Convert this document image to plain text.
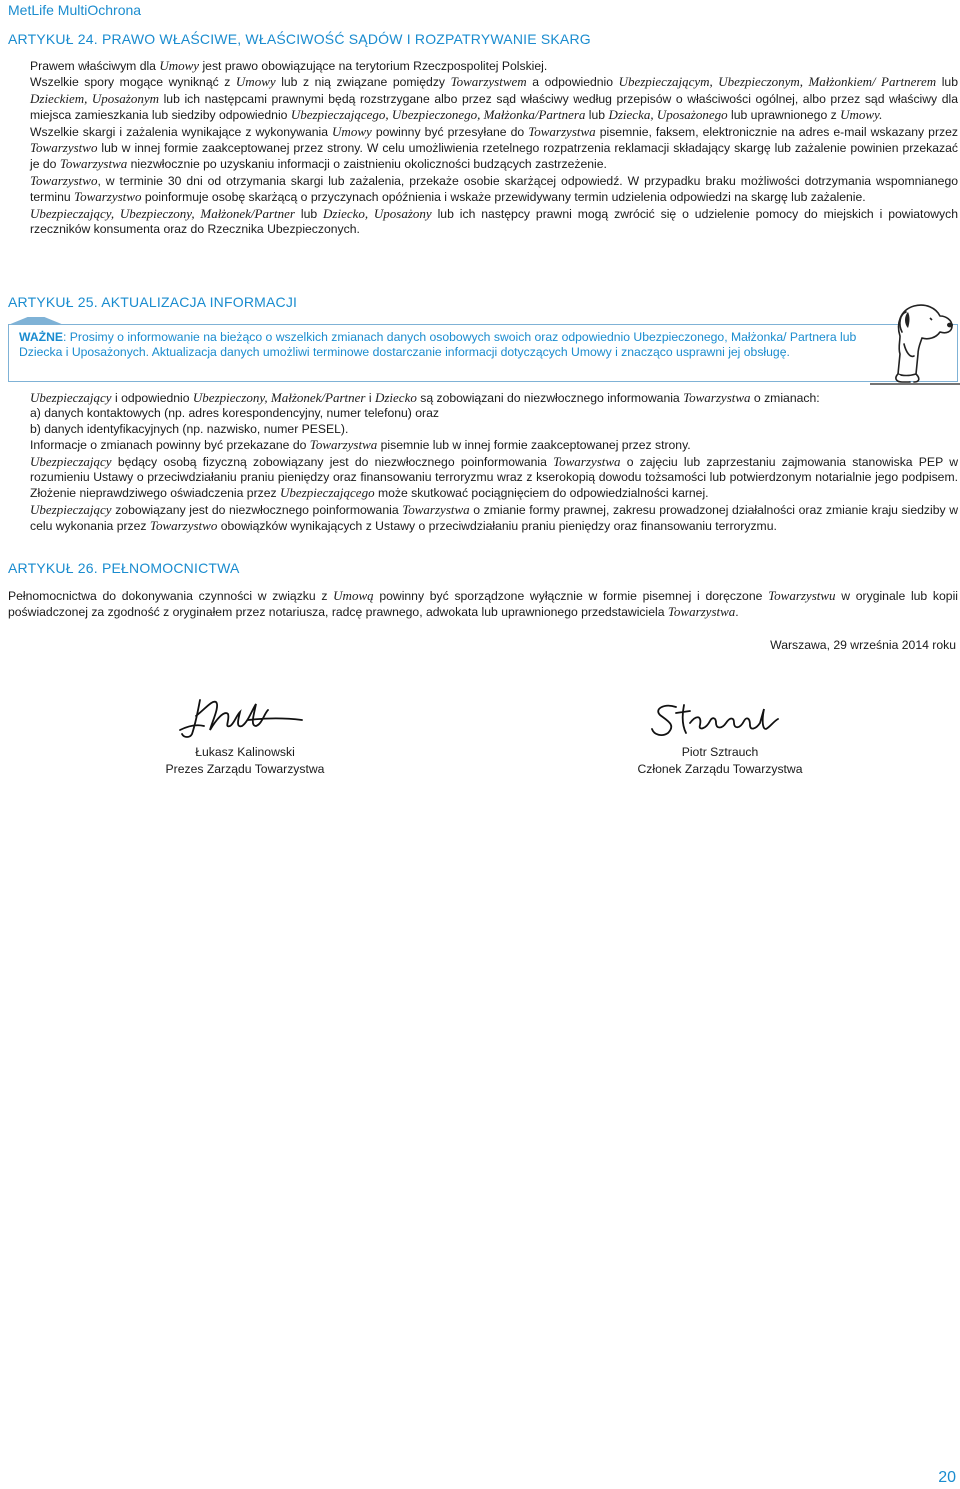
MetLife MultiOchrona
ARTYKUŁ 24. PRAWO WŁAŚCIWE, WŁAŚCIWOŚĆ SĄDÓW I ROZPATRYWANIE SKARG

Prawem właściwym dla Umowy jest prawo obowiązujące na terytorium Rzeczpospolitej Polskiej.

Wszelkie spory mogące wyniknąć z Umowy lub z nią związane pomiędzy Towarzystwem a odpowiednio Ubezpieczającym, Ubezpieczonym, Małżonkiem/ Partnerem lub Dzieckiem, Uposażonym lub ich następcami prawnymi będą rozstrzygane albo przez sąd właściwy według przepisów o właściwości ogólnej, albo przez sąd właściwy dla miejsca zamieszkania lub siedziby odpowiednio Ubezpieczającego, Ubezpieczonego, Małżonka/Partnera lub Dziecka, Uposażonego lub uprawnionego z Umowy.

Wszelkie skargi i zażalenia wynikające z wykonywania Umowy powinny być przesyłane do Towarzystwa pisemnie, faksem, elektronicznie na adres e-mail wskazany przez Towarzystwo lub w innej formie zaakceptowanej przez strony. W celu umożliwienia rzetelnego rozpatrzenia reklamacji składający skargę lub zażalenie powinien przekazać je do Towarzystwa niezwłocznie po uzyskaniu informacji o zaistnieniu okoliczności budzących zastrzeżenie.

Towarzystwo, w terminie 30 dni od otrzymania skargi lub zażalenia, przekaże osobie skarżącej odpowiedź. W przypadku braku możliwości dotrzymania wspomnianego terminu Towarzystwo poinformuje osobę skarżącą o przyczynach opóźnienia i wskaże przewidywany termin udzielenia odpowiedzi na skargę lub zażalenie.

Ubezpieczający, Ubezpieczony, Małżonek/Partner lub Dziecko, Uposażony lub ich następcy prawni mogą zwrócić się o udzielenie pomocy do miejskich i powiatowych rzeczników konsumenta oraz do Rzecznika Ubezpieczonych.

ARTYKUŁ 25. AKTUALIZACJA INFORMACJI
WAŻNE: Prosimy o informowanie na bieżąco o wszelkich zmianach danych osobowych swoich oraz odpowiednio Ubezpieczonego, Małżonka/ Partnera lub Dziecka i Uposażonych. Aktualizacja danych umożliwi terminowe dostarczanie informacji dotyczących Umowy i znacząco usprawni jej obsługę.

Ubezpieczający i odpowiednio Ubezpieczony, Małżonek/Partner i Dziecko są zobowiązani do niezwłocznego informowania Towarzystwa o zmianach:

a) danych kontaktowych (np. adres korespondencyjny, numer telefonu) oraz

b) danych identyfikacyjnych (np. nazwisko, numer PESEL).

Informacje o zmianach powinny być przekazane do Towarzystwa pisemnie lub w innej formie zaakceptowanej przez strony.

Ubezpieczający będący osobą fizyczną zobowiązany jest do niezwłocznego poinformowania Towarzystwa o zajęciu lub zaprzestaniu zajmowania stanowiska PEP w rozumieniu Ustawy o przeciwdziałaniu praniu pieniędzy oraz finansowaniu terroryzmu wraz z kserokopią dowodu tożsamości lub potwierdzonym notarialnie jego podpisem. Złożenie nieprawdziwego oświadczenia przez Ubezpieczającego może skutkować pociągnięciem do odpowiedzialności karnej.

Ubezpieczający zobowiązany jest do niezwłocznego poinformowania Towarzystwa o zmianie formy prawnej, zakresu prowadzonej działalności oraz zmianie kraju siedziby w celu wykonania przez Towarzystwo obowiązków wynikających z Ustawy o przeciwdziałaniu praniu pieniędzy oraz finansowaniu terroryzmu.

ARTYKUŁ 26. PEŁNOMOCNICTWA

Pełnomocnictwa do dokonywania czynności w związku z Umową powinny być sporządzone wyłącznie w formie pisemnej i doręczone Towarzystwu w oryginale lub kopii poświadczonej za zgodność z oryginałem przez notariusza, radcę prawnego, adwokata lub uprawnionego przedstawiciela Towarzystwa.

Warszawa, 29 września 2014 roku
Łukasz Kalinowski
Prezes Zarządu Towarzystwa
Piotr Sztrauch
Członek Zarządu Towarzystwa
20
